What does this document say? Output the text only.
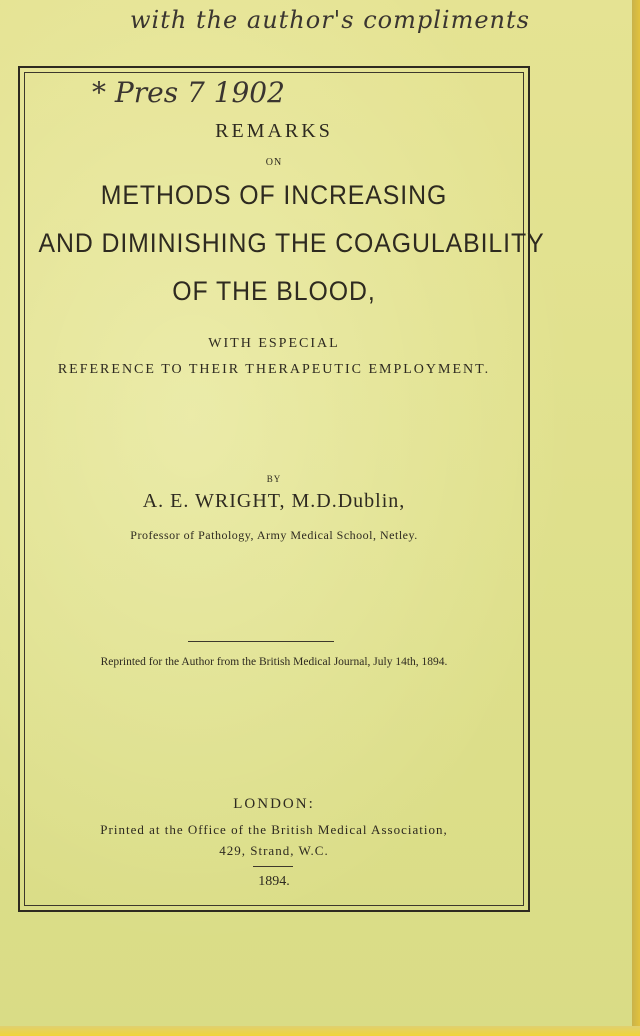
with the author's compliments
* Pres 7 1902
REMARKS
ON
METHODS OF INCREASING
AND DIMINISHING THE COAGULABILITY
OF THE BLOOD,
WITH ESPECIAL
REFERENCE TO THEIR THERAPEUTIC EMPLOYMENT.
BY
A. E. WRIGHT, M.D.Dublin,
Professor of Pathology, Army Medical School, Netley.
Reprinted for the Author from the British Medical Journal, July 14th, 1894.
LONDON:
Printed at the Office of the British Medical Association,
429, Strand, W.C.
1894.
